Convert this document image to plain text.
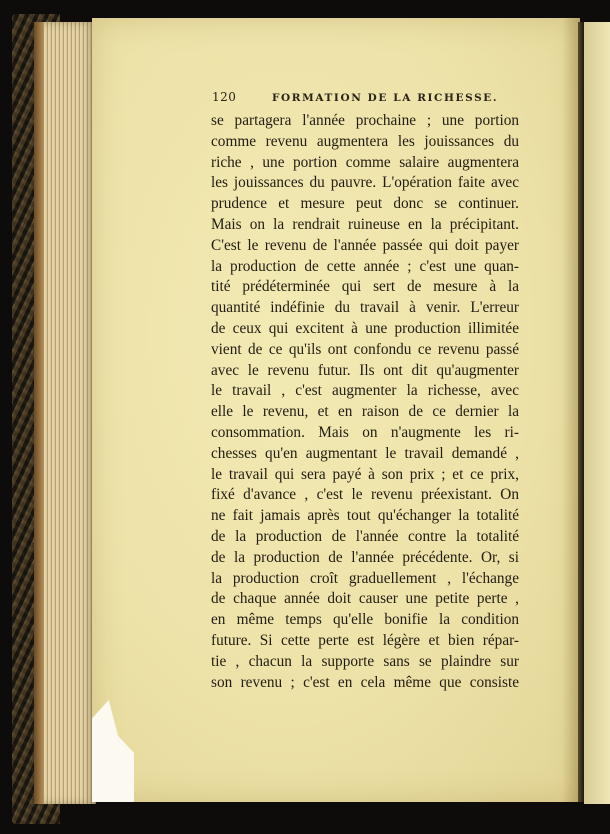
120	FORMATION DE LA RICHESSE.
se partagera l'année prochaine ; une portion
comme revenu augmentera les jouissances du
riche , une portion comme salaire augmentera
les jouissances du pauvre. L'opération faite avec
prudence et mesure peut donc se continuer.
Mais on la rendrait ruineuse en la précipitant.
C'est le revenu de l'année passée qui doit payer
la production de cette année ; c'est une quan-
tité prédéterminée qui sert de mesure à la
quantité indéfinie du travail à venir. L'erreur
de ceux qui excitent à une production illimitée
vient de ce qu'ils ont confondu ce revenu passé
avec le revenu futur. Ils ont dit qu'augmenter
le travail , c'est augmenter la richesse, avec
elle le revenu, et en raison de ce dernier la
consommation. Mais on n'augmente les ri-
chesses qu'en augmentant le travail demandé ,
le travail qui sera payé à son prix ; et ce prix,
fixé d'avance , c'est le revenu préexistant. On
ne fait jamais après tout qu'échanger la totalité
de la production de l'année contre la totalité
de la production de l'année précédente. Or, si
la production croît graduellement , l'échange
de chaque année doit causer une petite perte ,
en même temps qu'elle bonifie la condition
future. Si cette perte est légère et bien répar-
tie , chacun la supporte sans se plaindre sur
son revenu ; c'est en cela même que consiste
